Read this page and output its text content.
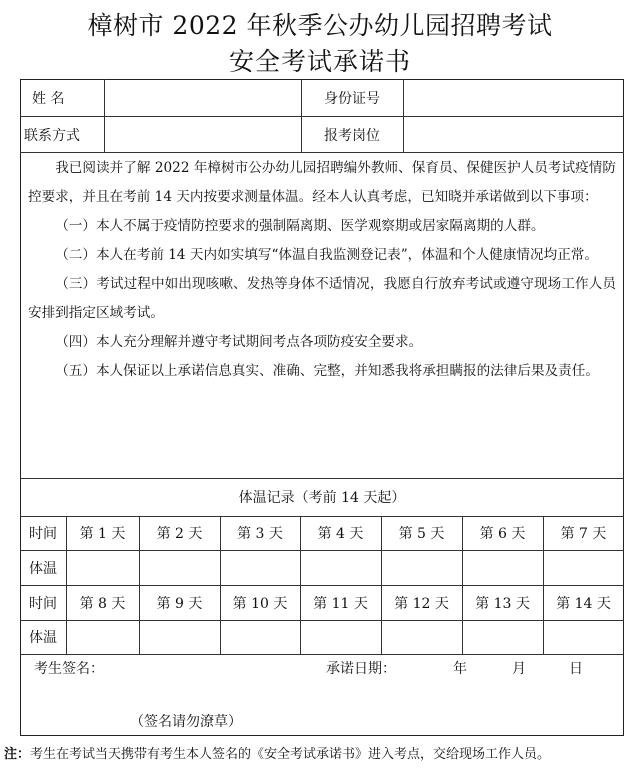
樟树市 2022 年秋季公办幼儿园招聘考试
安全考试承诺书
姓 名	身份证号
联系方式	报考岗位
我已阅读并了解 2022 年樟树市公办幼儿园招聘编外教师、保育员、保健医护人员考试疫情防控要求，并且在考前 14 天内按要求测量体温。经本人认真考虑，已知晓并承诺做到以下事项：
（一）本人不属于疫情防控要求的强制隔离期、医学观察期或居家隔离期的人群。
（二）本人在考前 14 天内如实填写“体温自我监测登记表”，体温和个人健康情况均正常。
（三）考试过程中如出现咳嗽、发热等身体不适情况，我愿自行放弃考试或遵守现场工作人员安排到指定区域考试。
（四）本人充分理解并遵守考试期间考点各项防疫安全要求。
（五）本人保证以上承诺信息真实、准确、完整，并知悉我将承担瞒报的法律后果及责任。
体温记录（考前 14 天起）
时间	第 1 天	第 2 天	第 3 天	第 4 天	第 5 天	第 6 天	第 7 天
体温
时间	第 8 天	第 9 天	第 10 天	第 11 天	第 12 天	第 13 天	第 14 天
体温
考生签名：	承诺日期：	年	月	日
（签名请勿潦草）
注：考生在考试当天携带有考生本人签名的《安全考试承诺书》进入考点，交给现场工作人员。
